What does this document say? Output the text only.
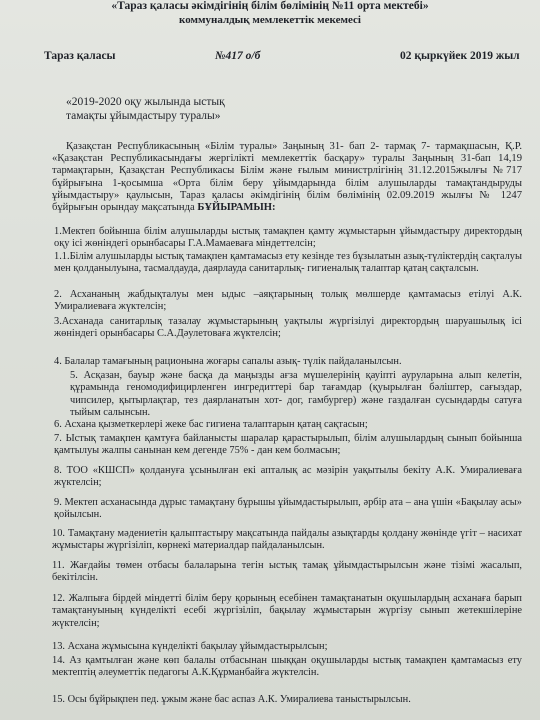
«Тараз қаласы әкімдігінің білім бөлімінің №11 орта мектебі»
коммуналдық мемлекеттік мекемесі
Тараз қаласы	№417 о/б	02 қыркүйек 2019 жыл
«2019-2020 оқу жылында ыстық
тамақты ұйымдастыру туралы»
Қазақстан Республикасының «Білім туралы» Заңының 31- бап 2- тармақ 7- тармақшасын, Қ.Р. «Қазақстан Республикасындағы жергілікті мемлекеттік басқару» туралы Заңының 31-бап 14,19 тармақтарын, Қазақстан Республикасы Білім және ғылым министрлігінің 31.12.2015жылғы №717 бұйрығына 1-қосымша «Орта білім беру ұйымдарында білім алушыларды тамақтандыруды ұйымдастыру» қаулысын, Тараз қаласы әкімдігінің білім бөлімінің 02.09.2019 жылғы № 1247 бұйрығын орындау мақсатында БҰЙЫРАМЫН:
1.Мектеп бойынша білім алушыларды ыстық тамақпен қамту жұмыстарын ұйымдастыру директордың оқу ісі жөніндегі орынбасары Г.А.Мамаеваға міндеттелсін;
1.1.Білім алушыларды ыстық тамақпен қамтамасыз ету кезінде тез бұзылатын азық-түліктердің сақталуы мен қолданылуына, тасмалдауда, даярлауда санитарлық- гигиеналық талаптар қатаң сақталсын.
2. Асхананың жабдықталуы мен ыдыс –аяқтарының толық мөлшерде қамтамасыз етілуі А.К. Умиралиеваға жүктелсін;
3.Асханада санитарлық тазалау жұмыстарының уақтылы жүргізілуі директордың шаруашылық ісі жөніндегі орынбасары С.А.Дәулетоваға жүктелсін;
4. Балалар тамағының рационына жоғары сапалы азық- түлік пайдаланылсын.
5. Асқазан, бауыр және басқа да маңызды ағза мүшелерінің қауіпті ауруларына алып келетін, құрамында геномодифицирленген ингредиттері бар тағамдар (қуырылған бәліштер, сағыздар, чипсилер, қытырлақтар, тез даярланатын хот- дог, гамбургер) және газдалған сусындарды сатуға тыйым салынсын.
6. Асхана қызметкерлері жеке бас гигиена талаптарын қатаң сақтасын;
7. Ыстық тамақпен қамтуға байланысты шаралар қарастырылып, білім алушылардың сынып бойынша қамтылуы жалпы санынан кем дегенде 75% - дан кем болмасын;
8. ТОО «КШСП» қолдануға ұсынылған екі апталық ас мәзірін уақытылы бекіту А.К. Умиралиеваға жүктелсін;
9. Мектеп асханасында дұрыс тамақтану бұрышы ұйымдастырылып, әрбір ата – ана үшін «Бақылау асы» қойылсын.
10. Тамақтану мәдениетін қалыптастыру мақсатында пайдалы азықтарды қолдану жөнінде үгіт – насихат жұмыстары жүргізіліп, көрнекі материалдар пайдаланылсын.
11. Жағдайы төмен отбасы балаларына тегін ыстық тамақ ұйымдастырылсын және тізімі жасалып, бекітілсін.
12. Жалпыға бірдей міндетті білім беру қорының есебінен тамақтанатын оқушылардың асханаға барып тамақтануының күнделікті есебі жүргізіліп, бақылау жұмыстарын жүргізу сынып жетекшілеріне жүктелсін;
13. Асхана жұмысына күнделікті бақылау ұйымдастырылсын;
14. Аз қамтылған және көп балалы отбасынан шыққан оқушыларды ыстық тамақпен қамтамасыз ету мектептің әлеуметтік педагогы А.К.Құрманбайға жүктелсін.
15. Осы бұйрықпен пед. ұжым және бас аспаз А.К. Умиралиева таныстырылсын.
